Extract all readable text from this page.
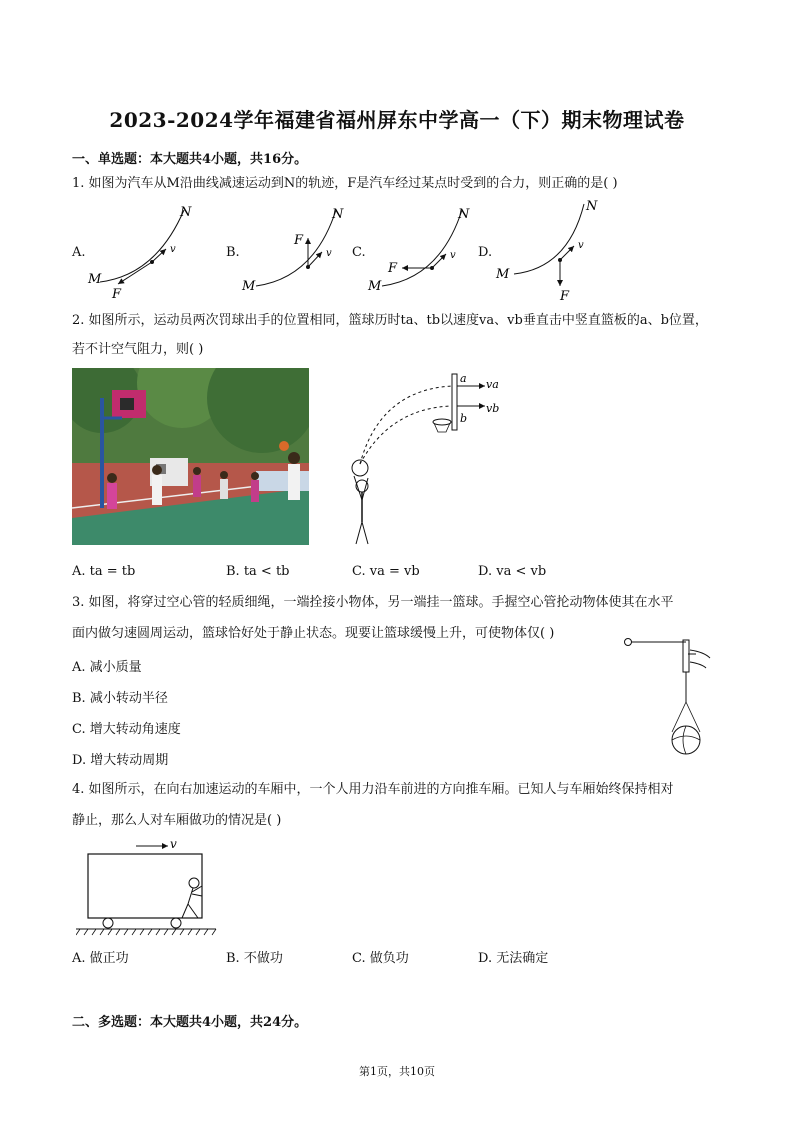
2023-2024学年福建省福州屏东中学高一（下）期末物理试卷
一、单选题：本大题共4小题，共16分。
1. 如图为汽车从M沿曲线减速运动到N的轨迹，F是汽车经过某点时受到的合力，则正确的是( )
A.	B.	C.	D.
N
v
M
F
N
v
F
M
N
v
F
M
N
v
M
F
2. 如图所示，运动员两次罚球出手的位置相同，篮球历时ta、tb以速度va、vb垂直击中竖直篮板的a、b位置，
若不计空气阻力，则( )
a
b
va
vb
A. ta = tb	B. ta < tb	C. va = vb	D. va < vb
3. 如图，将穿过空心管的轻质细绳，一端拴接小物体，另一端挂一篮球。手握空心管抡动物体使其在水平
面内做匀速圆周运动，篮球恰好处于静止状态。现要让篮球缓慢上升，可使物体仅( )
A. 减小质量
B. 减小转动半径
C. 增大转动角速度
D. 增大转动周期
4. 如图所示，在向右加速运动的车厢中，一个人用力沿车前进的方向推车厢。已知人与车厢始终保持相对
静止，那么人对车厢做功的情况是( )
v
A. 做正功	B. 不做功	C. 做负功	D. 无法确定
二、多选题：本大题共4小题，共24分。
第1页，共10页
